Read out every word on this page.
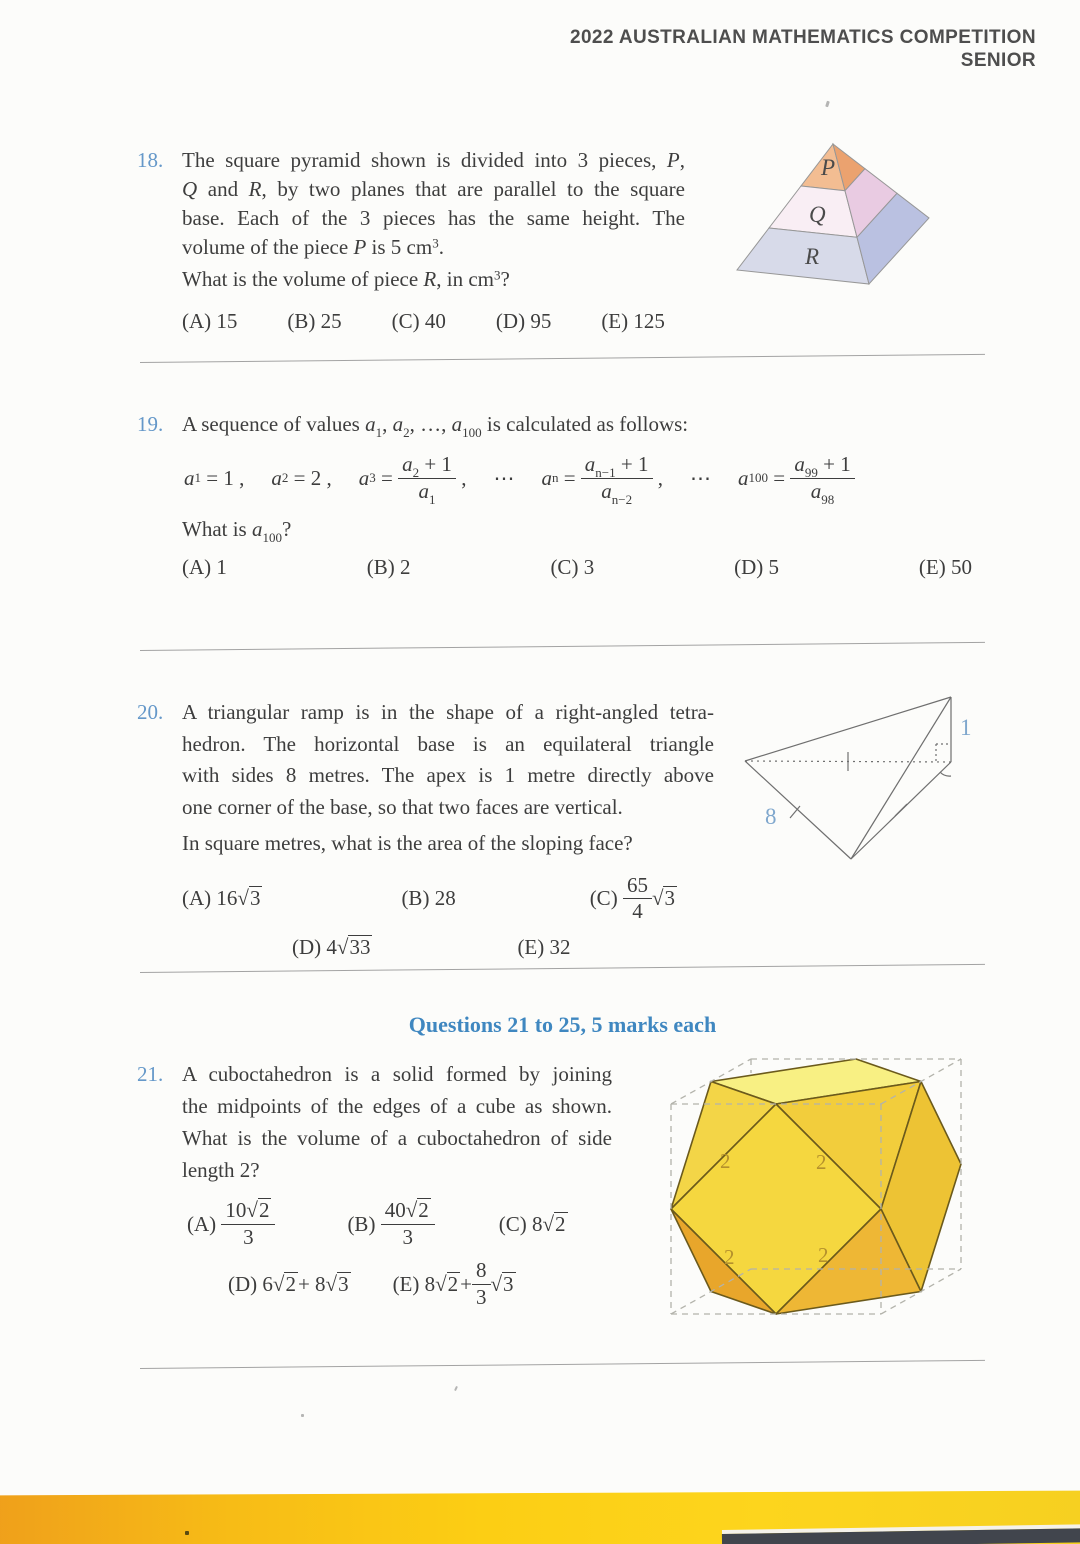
2022 AUSTRALIAN MATHEMATICS COMPETITION
SENIOR
18. The square pyramid shown is divided into 3 pieces, P,
Q and R, by two planes that are parallel to the square
base. Each of the 3 pieces has the same height. The
volume of the piece P is 5 $cm^3$.
What is the volume of piece R, in $cm^3$?
(A)
15 (B)
25 (C)
40 (D)
95 (E)
125
P
Q
R
19. A sequence of values $a_1$, $a_2$, …, $a_{100}$ is calculated as follows:
a 1
= 1 , a 2
= 2 , a 3
=
$\frac{a_2 + 1}{a_1}$
, ⋯ a n
=
$\frac{a_{n-1} + 1}{a_{n-2}}$
, ⋯ a 100
=
$\frac{a_{99} + 1}{a_{98}}$
What is $a_{100}$?
(A)
1	(B)
2	(C)
3	(D)
5	(E)
50
20. A triangular ramp is in the shape of a right-angled tetra-
hedron. The horizontal base is an equilateral triangle
with sides 8 metres. The apex is 1 metre directly above
one corner of the base, so that two faces are vertical.
In square metres, what is the area of the sloping face?
(A)
16 √3	(B)
28	(C)
$\frac{65}{4} √3$
(D)
4 √33	(E)
32
8
1
Questions 21 to 25, 5 marks each
21. A cuboctahedron is a solid formed by joining
the midpoints of the edges of a cube as shown.
What is the volume of a cuboctahedron of side
length 2?
(A)
$\frac{10√2}{3}$	(B)
$\frac{40√2}{3}$	(C)
8 √2
(D)
6 √2 + 8 √3 (E)
8 $√2 + \frac{8}{3} √3$
2	2
2	2
